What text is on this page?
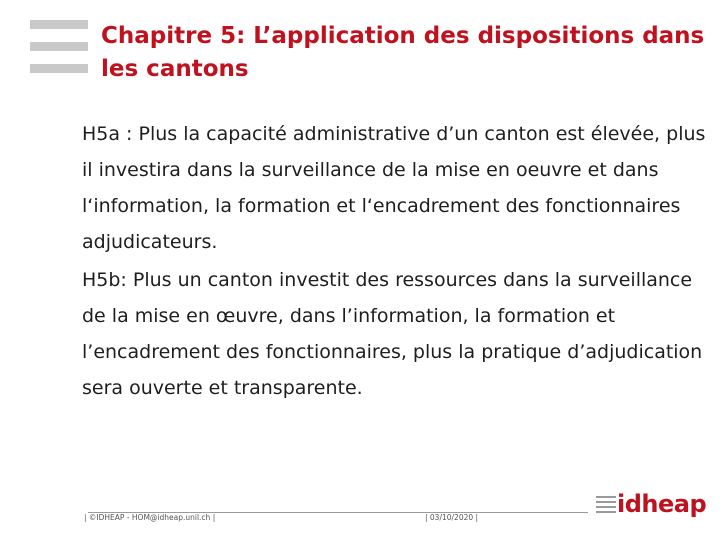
Chapitre 5: L’application des dispositions dans les cantons

H5a : Plus la capacité administrative d’un canton est élevée, plus il investira dans la surveillance de la mise en oeuvre et dans l‘information, la formation et l‘encadrement des fonctionnaires adjudicateurs.

H5b: Plus un canton investit des ressources dans la surveillance de la mise en œuvre, dans l’information, la formation et l’encadrement des fonctionnaires, plus la pratique d’adjudication sera ouverte et transparente.

| ©IDHEAP - HOM@idheap.unil.ch |	| 03/10/2020 |	idheap
